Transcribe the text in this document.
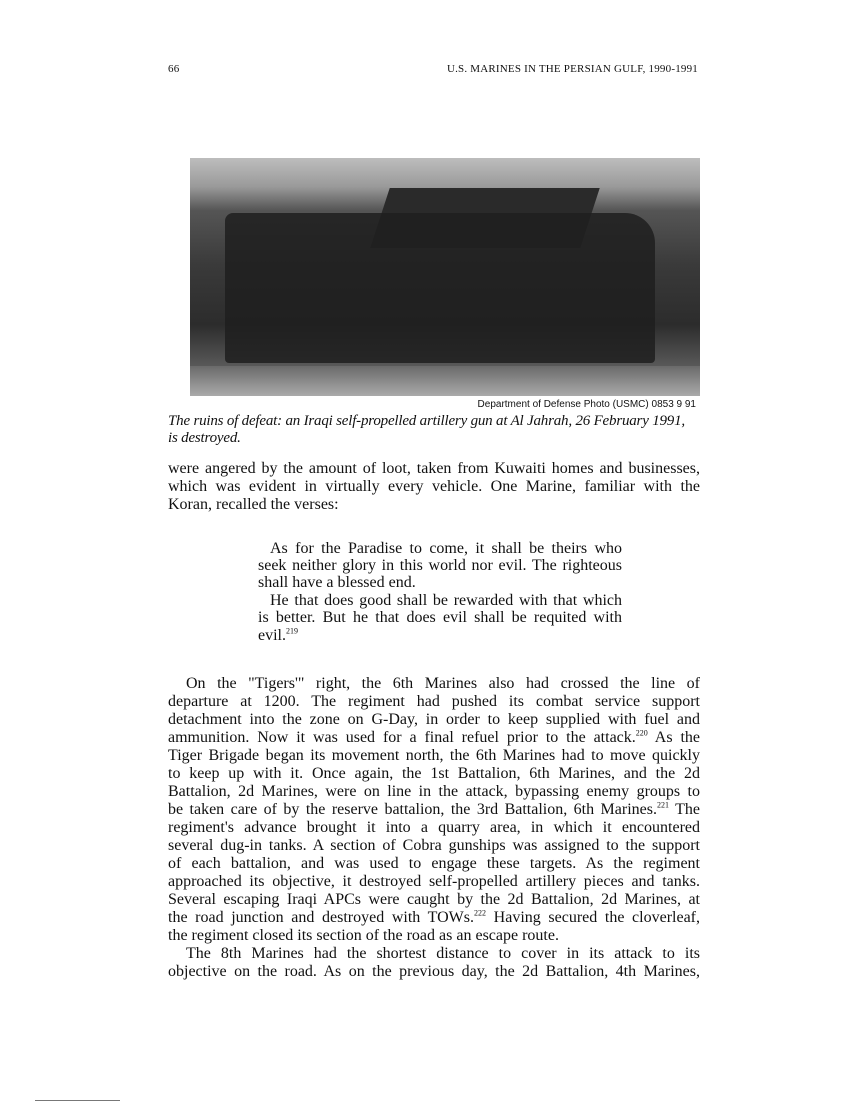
66	U.S. MARINES IN THE PERSIAN GULF, 1990-1991
Department of Defense Photo (USMC) 0853 9 91
The ruins of defeat: an Iraqi self-propelled artillery gun at Al Jahrah, 26 February 1991,
is destroyed.
were angered by the amount of loot, taken from Kuwaiti homes and businesses,
which was evident in virtually every vehicle. One Marine, familiar with the
Koran, recalled the verses:
As for the Paradise to come, it shall be theirs who
seek neither glory in this world nor evil. The righteous
shall have a blessed end.
He that does good shall be rewarded with that which
is better. But he that does evil shall be requited with
evil.$^{219}$
On the "Tigers'" right, the 6th Marines also had crossed the line of
departure at 1200. The regiment had pushed its combat service support
detachment into the zone on G-Day, in order to keep supplied with fuel and
ammunition. Now it was used for a final refuel prior to the attack.$^{220}$ As the
Tiger Brigade began its movement north, the 6th Marines had to move quickly
to keep up with it. Once again, the 1st Battalion, 6th Marines, and the 2d
Battalion, 2d Marines, were on line in the attack, bypassing enemy groups to
be taken care of by the reserve battalion, the 3rd Battalion, 6th Marines.$^{221}$ The
regiment's advance brought it into a quarry area, in which it encountered
several dug-in tanks. A section of Cobra gunships was assigned to the support
of each battalion, and was used to engage these targets. As the regiment
approached its objective, it destroyed self-propelled artillery pieces and tanks.
Several escaping Iraqi APCs were caught by the 2d Battalion, 2d Marines, at
the road junction and destroyed with TOWs.$^{222}$ Having secured the cloverleaf,
the regiment closed its section of the road as an escape route.
The 8th Marines had the shortest distance to cover in its attack to its
objective on the road. As on the previous day, the 2d Battalion, 4th Marines,
